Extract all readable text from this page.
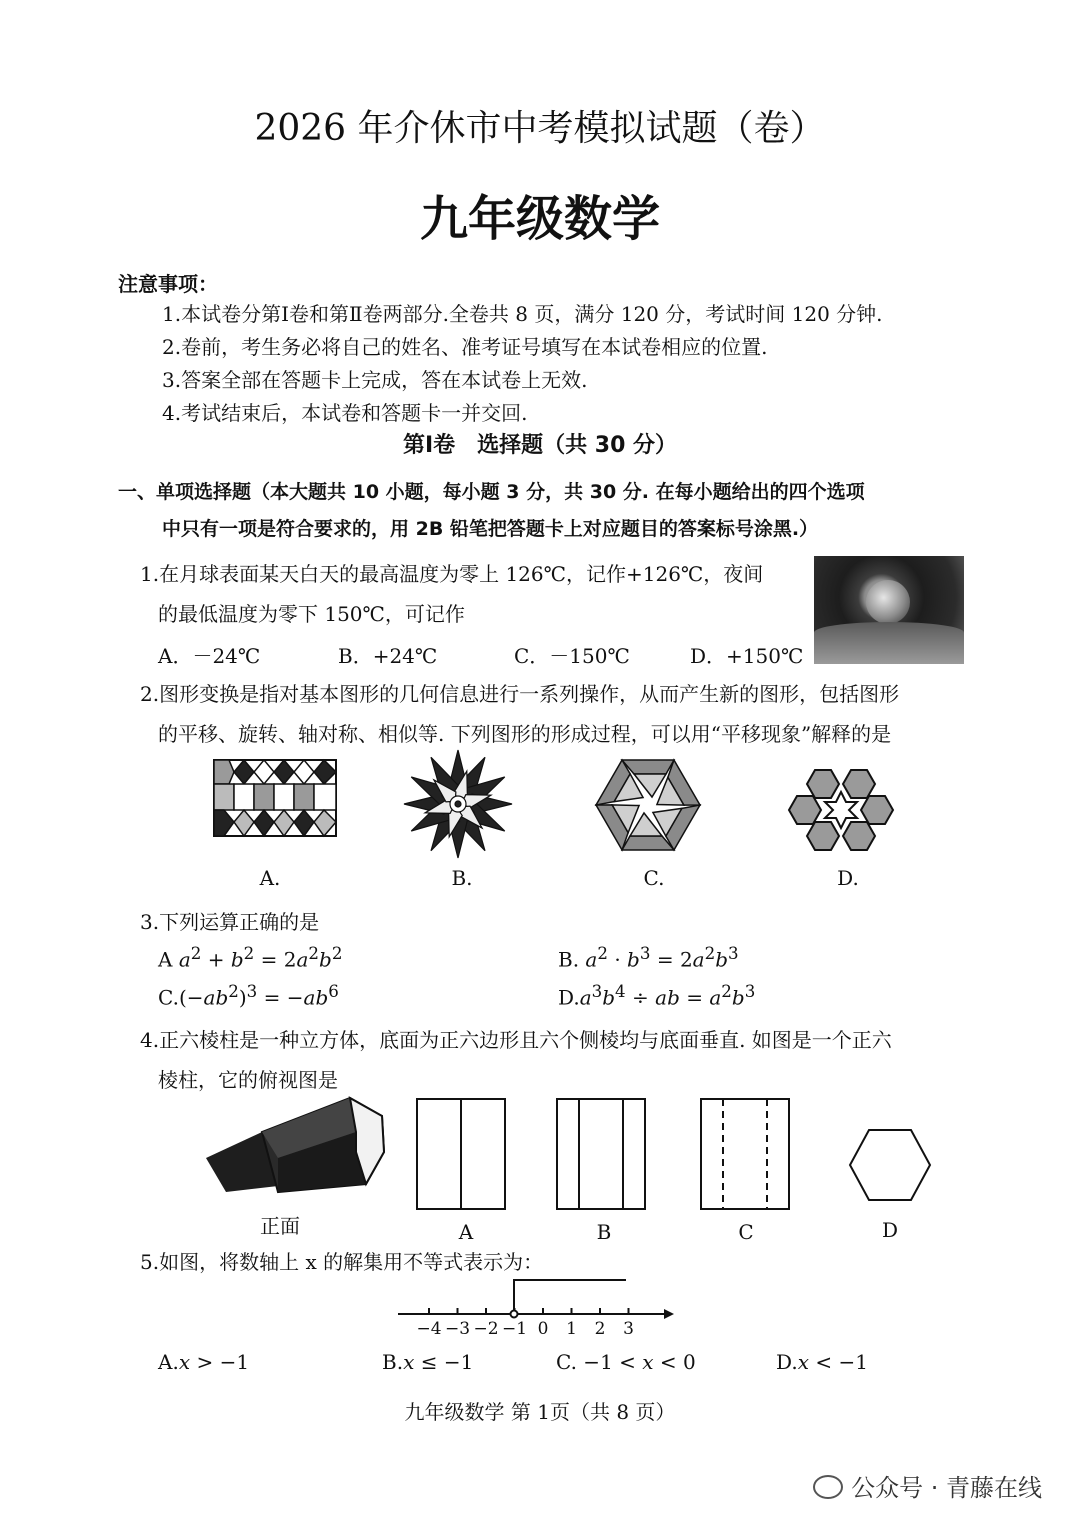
2026 年介休市中考模拟试题（卷）
九年级数学
注意事项：
1.本试卷分第Ⅰ卷和第Ⅱ卷两部分.全卷共 8 页，满分 120 分，考试时间 120 分钟.
2.卷前，考生务必将自己的姓名、准考证号填写在本试卷相应的位置.
3.答案全部在答题卡上完成，答在本试卷上无效.
4.考试结束后，本试卷和答题卡一并交回.
第Ⅰ卷　选择题（共 30 分）
一、单项选择题（本大题共 10 小题，每小题 3 分，共 30 分. 在每小题给出的四个选项
中只有一项是符合要求的，用 2B 铅笔把答题卡上对应题目的答案标号涂黑.）
1.在月球表面某天白天的最高温度为零上 126℃，记作+126℃，夜间
的最低温度为零下 150℃，可记作
A．－24℃	B．+24℃	C．－150℃	D．+150℃
2.图形变换是指对基本图形的几何信息进行一系列操作，从而产生新的图形，包括图形
的平移、旋转、轴对称、相似等. 下列图形的形成过程，可以用“平移现象”解释的是
A.	B.	C.	D.
3.下列运算正确的是
A $a^2 + b^2 = 2a^2b^2$	B. $a^2 \cdot b^3 = 2a^2b^3$
$C.(-ab^2)^3 = -ab^6$	$D.a^3b^4$ ÷ ab = $a^2b^3$
4.正六棱柱是一种立方体，底面为正六边形且六个侧棱均与底面垂直. 如图是一个正六
棱柱，它的俯视图是
正面	A	B	C	D
5.如图，将数轴上 x 的解集用不等式表示为：
−4 −3 −2 −1 0 1 2 3
A.x > −1	B.x ≤ −1	C. −1 < x < 0	D.x < −1
九年级数学 第 1页（共 8 页）
公众号 · 青藤在线
